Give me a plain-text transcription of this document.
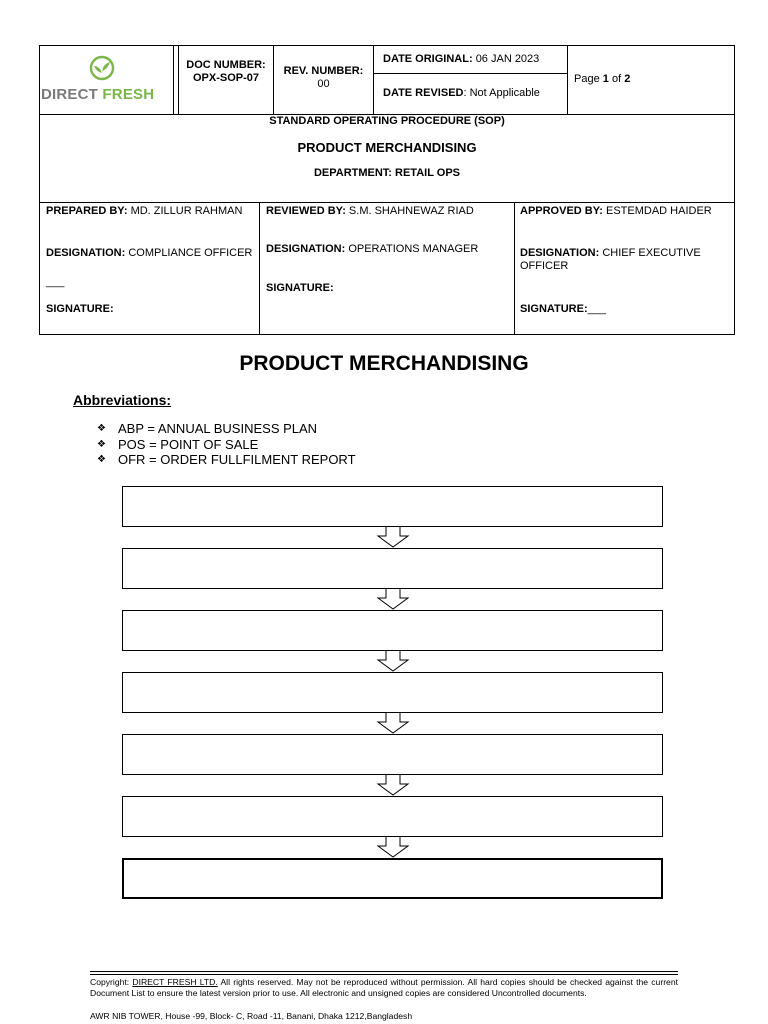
DIRECT FRESH
DOC NUMBER:
OPX-SOP-07
REV. NUMBER:
00
DATE ORIGINAL: 06 JAN 2023
DATE REVISED: Not Applicable
Page 1 of 2
STANDARD OPERATING PROCEDURE (SOP)
PRODUCT MERCHANDISING
DEPARTMENT: RETAIL OPS
PREPARED BY: MD. ZILLUR RAHMAN
DESIGNATION: COMPLIANCE OFFICER
___
SIGNATURE:
REVIEWED BY: S.M. SHAHNEWAZ RIAD
DESIGNATION: OPERATIONS MANAGER
SIGNATURE:
APPROVED BY: ESTEMDAD HAIDER
DESIGNATION: CHIEF EXECUTIVE OFFICER
SIGNATURE:___
PRODUCT MERCHANDISING
Abbreviations:
❖ ABP = ANNUAL BUSINESS PLAN
❖ POS = POINT OF SALE
❖ OFR = ORDER FULLFILMENT REPORT
Copyright: DIRECT FRESH LTD. All rights reserved. May not be reproduced without permission. All hard copies should be checked against the current Document List to ensure the latest version prior to use. All electronic and unsigned copies are considered Uncontrolled documents.
AWR NIB TOWER, House -99, Block- C, Road -11, Banani, Dhaka 1212,Bangladesh
